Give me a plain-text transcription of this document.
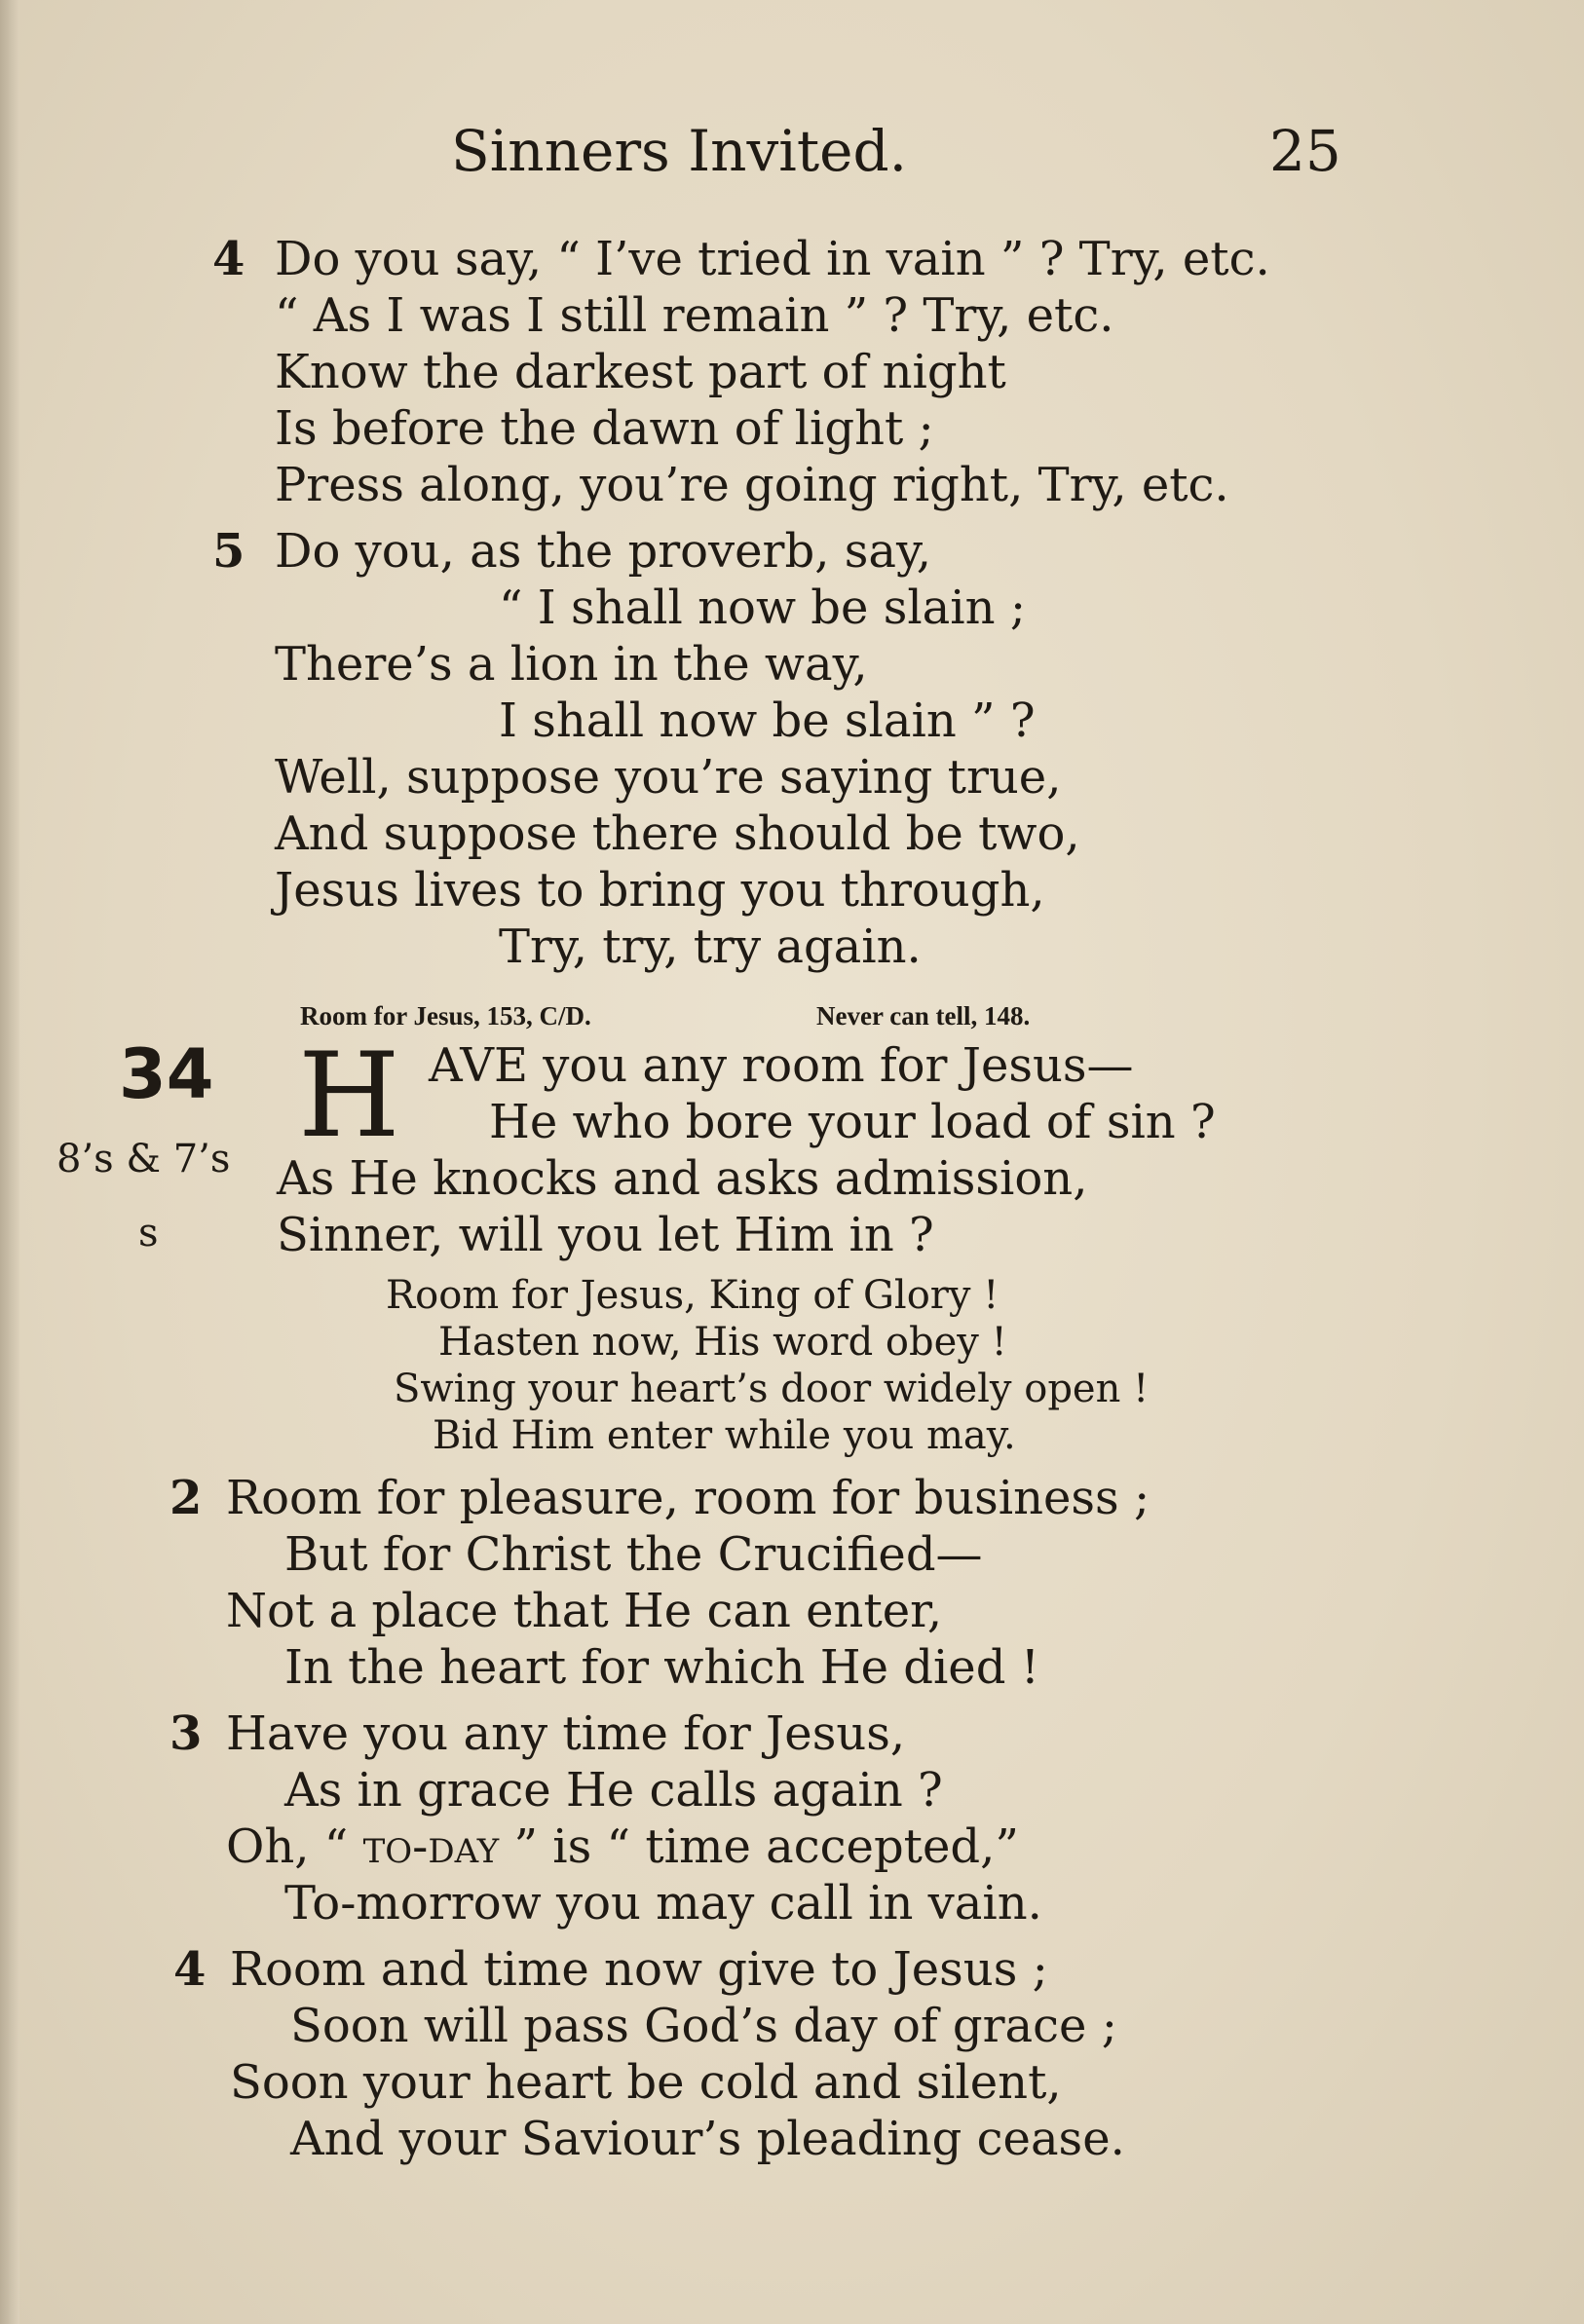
Sinners Invited.	25
4 Do you say, “ I’ve tried in vain ” ? Try, etc.
“ As I was I still remain ” ? Try, etc.
Know the darkest part of night
Is before the dawn of light ;
Press along, you’re going right, Try, etc.
5 Do you, as the proverb, say,
“ I shall now be slain ;
There’s a lion in the way,
I shall now be slain ” ?
Well, suppose you’re saying true,
And suppose there should be two,
Jesus lives to bring you through,
Try, try, try again.
Room for Jesus, 153, C/D.	Never can tell, 148.
34
8’s & 7’s
s
H AVE you any room for Jesus—
He who bore your load of sin ?
As He knocks and asks admission,
Sinner, will you let Him in ?
Room for Jesus, King of Glory !
Hasten now, His word obey !
Swing your heart’s door widely open !
Bid Him enter while you may.
2 Room for pleasure, room for business ;
But for Christ the Crucified—
Not a place that He can enter,
In the heart for which He died !
3 Have you any time for Jesus,
As in grace He calls again ?
Oh, “ to-day ” is “ time accepted,”
To-morrow you may call in vain.
4 Room and time now give to Jesus ;
Soon will pass God’s day of grace ;
Soon your heart be cold and silent,
And your Saviour’s pleading cease.
